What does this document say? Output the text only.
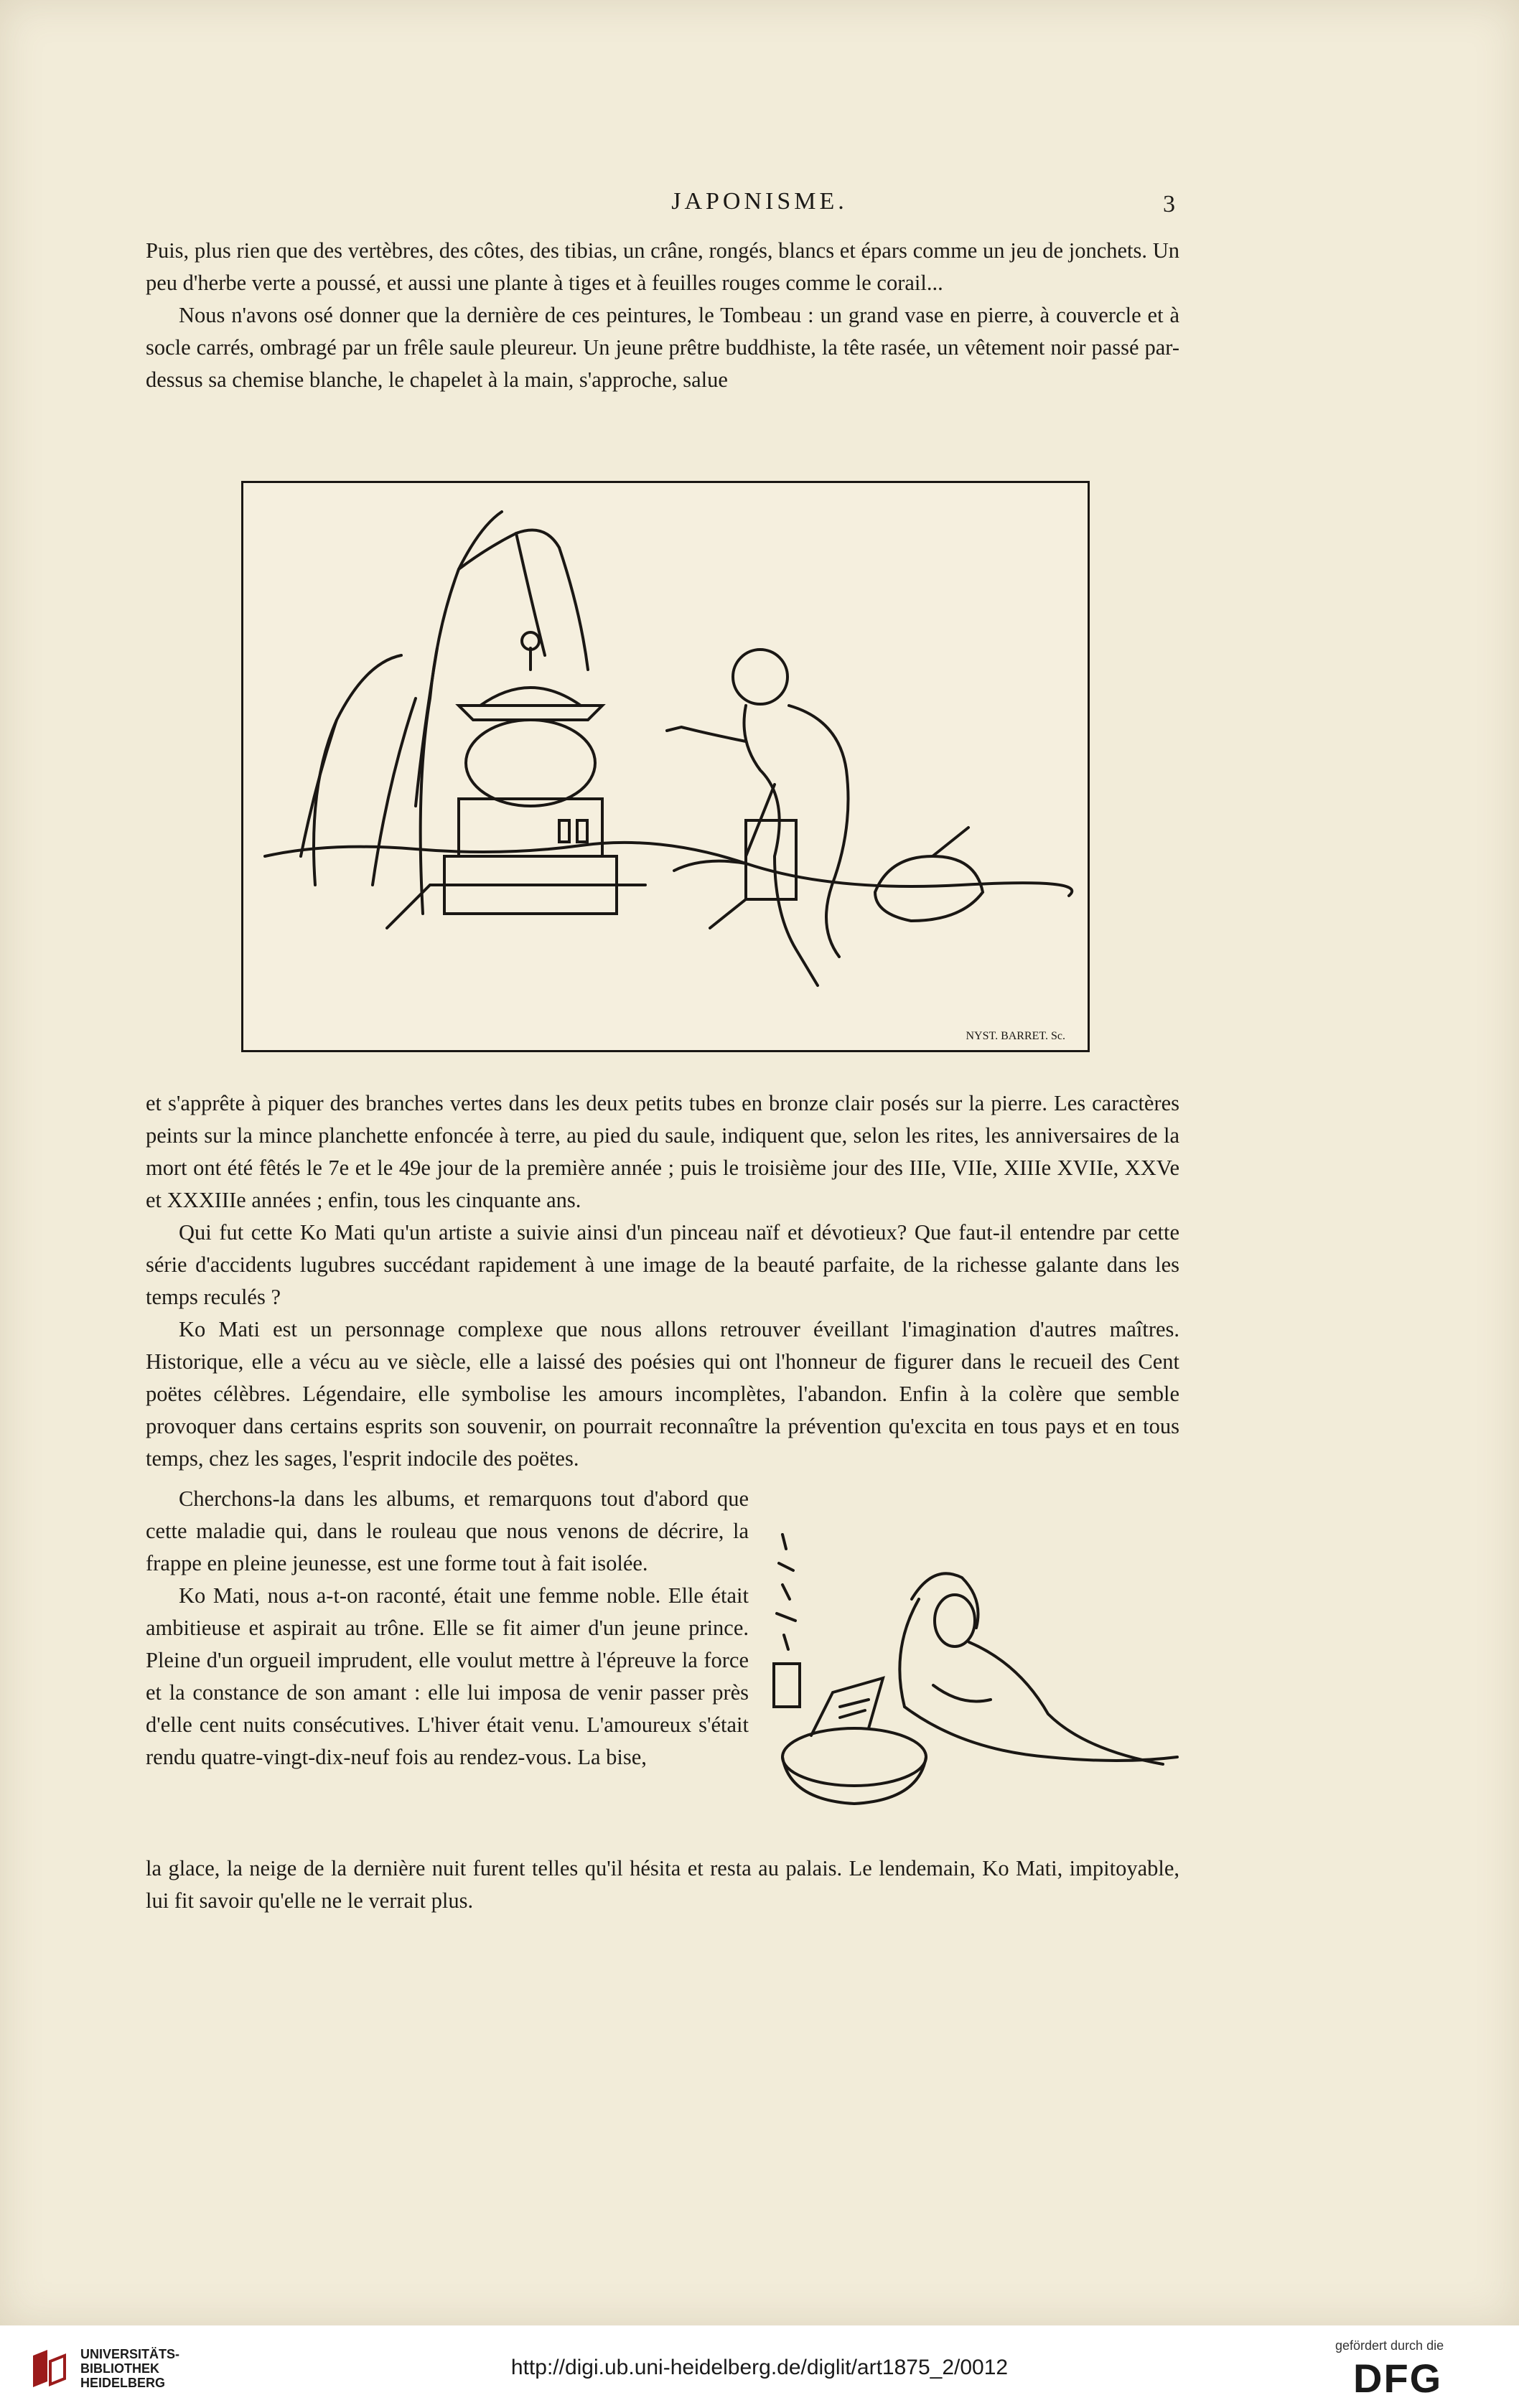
JAPONISME.	3

Puis, plus rien que des vertèbres, des côtes, des tibias, un crâne, rongés, blancs et épars comme un jeu de jonchets. Un peu d'herbe verte a poussé, et aussi une plante à tiges et à feuilles rouges comme le corail...

Nous n'avons osé donner que la dernière de ces peintures, le Tombeau : un grand vase en pierre, à couvercle et à socle carrés, ombragé par un frêle saule pleureur. Un jeune prêtre buddhiste, la tête rasée, un vêtement noir passé par-dessus sa chemise blanche, le chapelet à la main, s'approche, salue

NYST. BARRET. Sc.

et s'apprête à piquer des branches vertes dans les deux petits tubes en bronze clair posés sur la pierre. Les caractères peints sur la mince planchette enfoncée à terre, au pied du saule, indiquent que, selon les rites, les anniversaires de la mort ont été fêtés le 7e et le 49e jour de la première année ; puis le troisième jour des IIIe, VIIe, XIIIe XVIIe, XXVe et XXXIIIe années ; enfin, tous les cinquante ans.

Qui fut cette Ko Mati qu'un artiste a suivie ainsi d'un pinceau naïf et dévotieux? Que faut-il entendre par cette série d'accidents lugubres succédant rapidement à une image de la beauté parfaite, de la richesse galante dans les temps reculés ?

Ko Mati est un personnage complexe que nous allons retrouver éveillant l'imagination d'autres maîtres. Historique, elle a vécu au ve siècle, elle a laissé des poésies qui ont l'honneur de figurer dans le recueil des Cent poëtes célèbres. Légendaire, elle symbolise les amours incomplètes, l'abandon. Enfin à la colère que semble provoquer dans certains esprits son souvenir, on pourrait reconnaître la prévention qu'excita en tous pays et en tous temps, chez les sages, l'esprit indocile des poëtes.

Cherchons-la dans les albums, et remarquons tout d'abord que cette maladie qui, dans le rouleau que nous venons de décrire, la frappe en pleine jeunesse, est une forme tout à fait isolée.

Ko Mati, nous a-t-on raconté, était une femme noble. Elle était ambitieuse et aspirait au trône. Elle se fit aimer d'un jeune prince. Pleine d'un orgueil imprudent, elle voulut mettre à l'épreuve la force et la constance de son amant : elle lui imposa de venir passer près d'elle cent nuits consécutives. L'hiver était venu. L'amoureux s'était rendu quatre-vingt-dix-neuf fois au rendez-vous. La bise,

la glace, la neige de la dernière nuit furent telles qu'il hésita et resta au palais. Le lendemain, Ko Mati, impitoyable, lui fit savoir qu'elle ne le verrait plus.

UNIVERSITÄTS-
BIBLIOTHEK
HEIDELBERG
http://digi.ub.uni-heidelberg.de/diglit/art1875_2/0012
gefördert durch die
DFG
